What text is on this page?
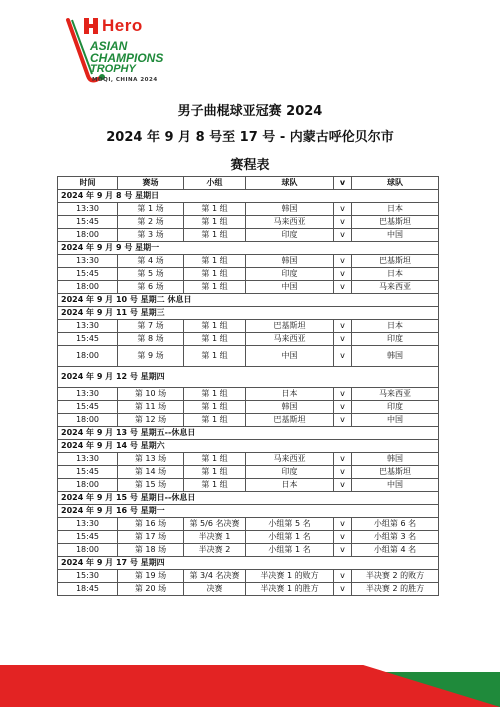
Hero
ASIAN
CHAMPIONS
TROPHY
MOQI, CHINA 2024
男子曲棍球亚冠赛 2024
2024 年 9 月 8 号至 17 号 - 内蒙古呼伦贝尔市
赛程表
时间	赛场	小组	球队	v	球队
2024 年 9 月 8 号 星期日					
13:30	第 1 场	第 1 组	韩国	v	日本
15:45	第 2 场	第 1 组	马来西亚	v	巴基斯坦
18:00	第 3 场	第 1 组	印度	v	中国
2024 年 9 月 9 号 星期一					
13:30	第 4 场	第 1 组	韩国	v	巴基斯坦
15:45	第 5 场	第 1 组	印度	v	日本
18:00	第 6 场	第 1 组	中国	v	马来西亚
2024 年 9 月 10 号 星期二 休息日					
2024 年 9 月 11 号 星期三					
13:30	第 7 场	第 1 组	巴基斯坦	v	日本
15:45	第 8 场	第 1 组	马来西亚	v	印度
18:00	第 9 场	第 1 组	中国	v	韩国
2024 年 9 月 12 号 星期四					
13:30	第 10 场	第 1 组	日本	v	马来西亚
15:45	第 11 场	第 1 组	韩国	v	印度
18:00	第 12 场	第 1 组	巴基斯坦	v	中国
2024 年 9 月 13 号 星期五--休息日					
2024 年 9 月 14 号 星期六					
13:30	第 13 场	第 1 组	马来西亚	v	韩国
15:45	第 14 场	第 1 组	印度	v	巴基斯坦
18:00	第 15 场	第 1 组	日本	v	中国
2024 年 9 月 15 号 星期日--休息日					
2024 年 9 月 16 号 星期一					
13:30	第 16 场	第 5/6 名决赛	小组第 5 名	v	小组第 6 名
15:45	第 17 场	半决赛 1	小组第 1 名	v	小组第 3 名
18:00	第 18 场	半决赛 2	小组第 1 名	v	小组第 4 名
2024 年 9 月 17 号 星期四					
15:30	第 19 场	第 3/4 名决赛	半决赛 1 的败方	v	半决赛 2 的败方
18:45	第 20 场	决赛	半决赛 1 的胜方	v	半决赛 2 的胜方
